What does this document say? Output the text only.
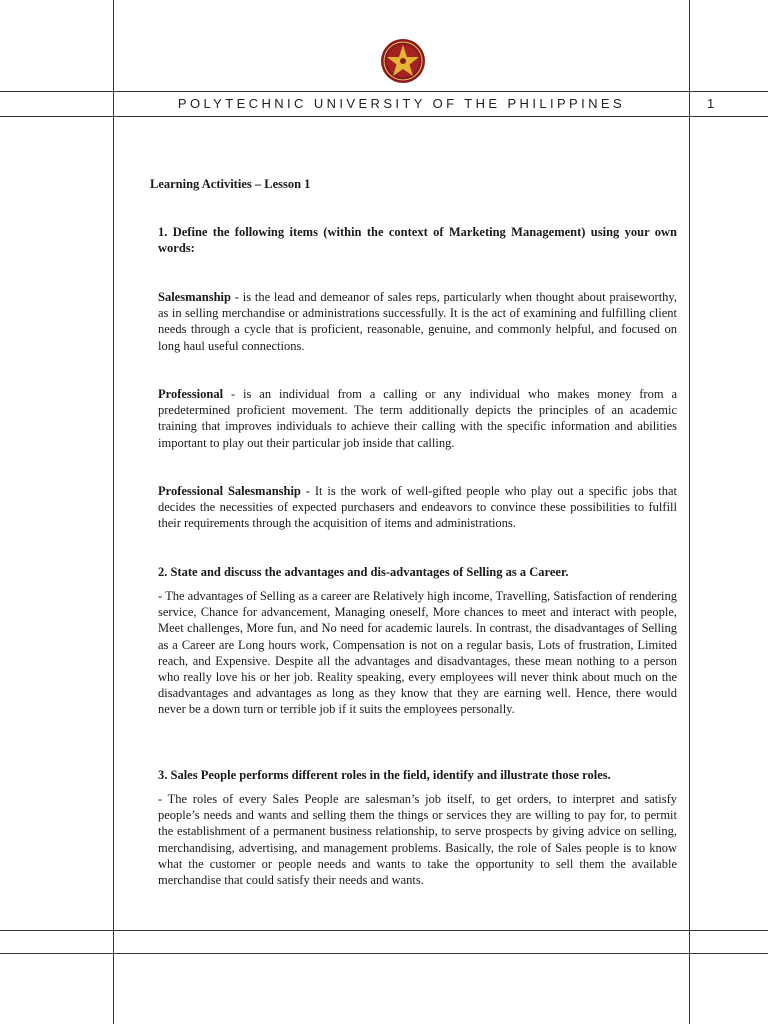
POLYTECHNIC UNIVERSITY OF THE PHILIPPINES	1
Learning Activities – Lesson 1

1. Define the following items (within the context of Marketing Management) using your own words:

Salesmanship - is the lead and demeanor of sales reps, particularly when thought about praiseworthy, as in selling merchandise or administrations successfully. It is the act of examining and fulfilling client needs through a cycle that is proficient, reasonable, genuine, and commonly helpful, and focused on long haul useful connections.

Professional - is an individual from a calling or any individual who makes money from a predetermined proficient movement. The term additionally depicts the principles of an academic training that improves individuals to achieve their calling with the specific information and abilities important to play out their particular job inside that calling.

Professional Salesmanship - It is the work of well-gifted people who play out a specific jobs that decides the necessities of expected purchasers and endeavors to convince these possibilities to fulfill their requirements through the acquisition of items and administrations.

2. State and discuss the advantages and dis-advantages of Selling as a Career.

- The advantages of Selling as a career are Relatively high income, Travelling, Satisfaction of rendering service, Chance for advancement, Managing oneself, More chances to meet and interact with people, Meet challenges, More fun, and No need for academic laurels. In contrast, the disadvantages of Selling as a Career are Long hours work, Compensation is not on a regular basis, Lots of frustration, Limited reach, and Expensive. Despite all the advantages and disadvantages, these mean nothing to a person who really love his or her job. Reality speaking, every employees will never think about much on the disadvantages and advantages as long as they know that they are earning well. Hence, there would never be a down turn or terrible job if it suits the employees personally.

3. Sales People performs different roles in the field, identify and illustrate those roles.

- The roles of every Sales People are salesman’s job itself, to get orders, to interpret and satisfy people’s needs and wants and selling them the things or services they are willing to pay for, to permit the establishment of a permanent business relationship, to serve prospects by giving advice on selling, merchandising, advertising, and management problems. Basically, the role of Sales people is to know what the customer or people needs and wants to take the opportunity to sell them the available merchandise that could satisfy their needs and wants.
